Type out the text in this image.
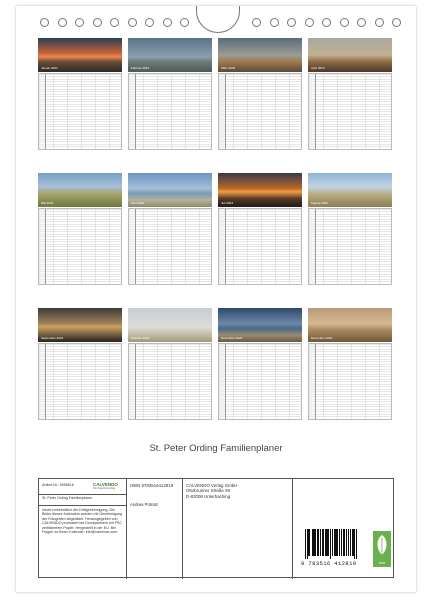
Januar 2024	Februar 2024	März 2024	April 2024
Mai 2024	Juni 2024	Juli 2024	August 2024
September 2024	Oktober 2024	November 2024	Dezember 2024
St. Peter Ording Familienplaner
Artikel-Nr.: 5556616	CALVENDO
Die Kalenderverlag
St. Peter Ording Familienplaner
Inhalt vorbehaltlich der Drittgenehmigung. Die Bilder dieses Kalenders wurden mit Genehmigung der Fotografen abgebildet. Herausgegeben von CALVENDO produziert bei Druckpartnern mit FSC zertifiziertem Papier. Hergestellt in der EU. Bei Fragen zu Ihrem Kalender: info@calvendo.com
ISBN 9783516412819
Andrea Potratz
CALVENDO Verlag GmbH
Ottobrunner Straße 39
D-82008 Unterhaching
9 783516 412819	eco
